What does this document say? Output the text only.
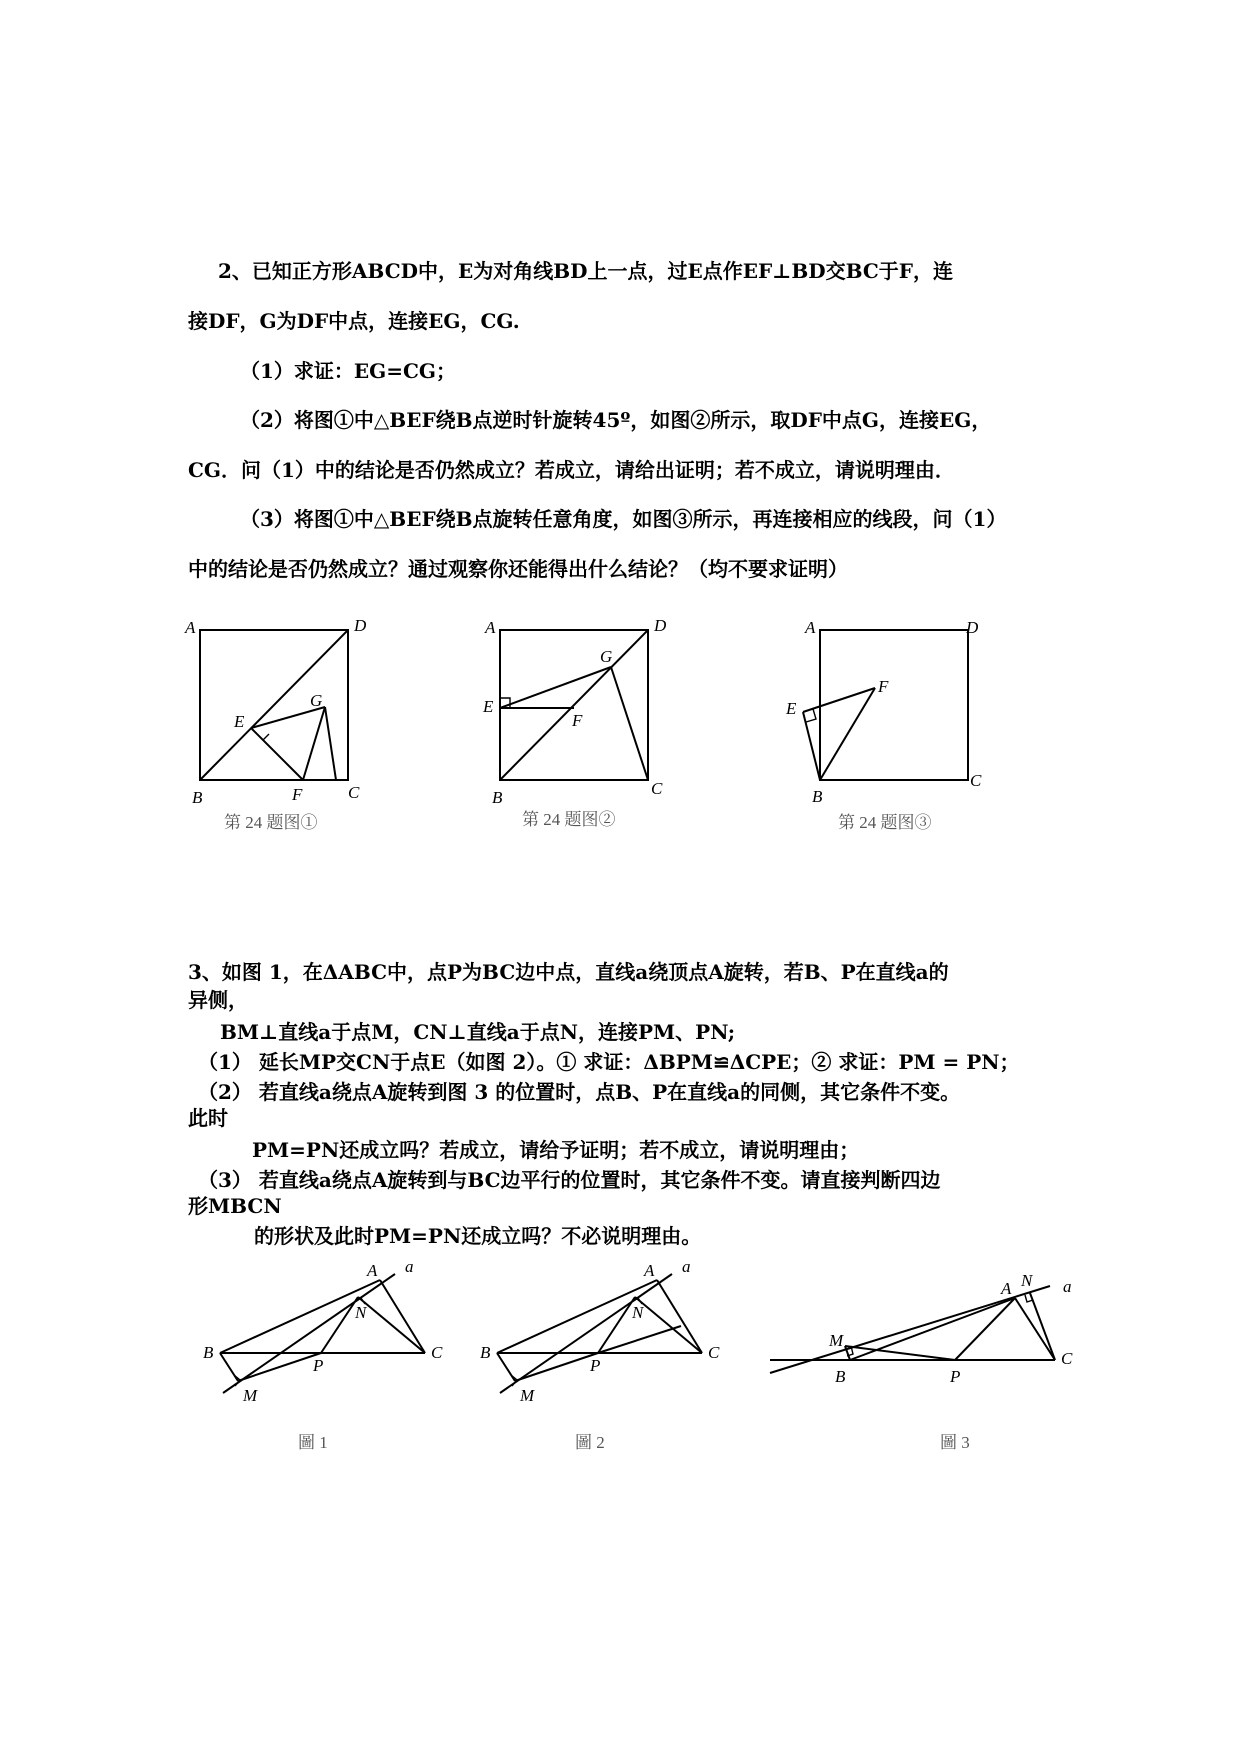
2、已知正方形ABCD中，E为对角线BD上一点，过E点作EF⊥BD交BC于F，连
接DF，G为DF中点，连接EG，CG.
（1）求证：EG=CG；
（2）将图①中△BEF绕B点逆时针旋转45º，如图②所示，取DF中点G，连接EG，
CG．问（1）中的结论是否仍然成立？若成立，请给出证明；若不成立，请说明理由．
（3）将图①中△BEF绕B点旋转任意角度，如图③所示，再连接相应的线段，问（1）
中的结论是否仍然成立？通过观察你还能得出什么结论？（均不要求证明）
A	D
B	C
E
G
F
第 24 题图①
A	D
B	C
E
G
F
第 24 题图②
A	D
B
C
E
F
第 24 题图③
3、如图 1，在ΔABC中，点P为BC边中点，直线a绕顶点A旋转，若B、P在直线a的
异侧，
BM⊥直线a于点M，CN⊥直线a于点N，连接PM、PN;
（1） 延长MP交CN于点E（如图 2）。① 求证：ΔBPM≌ΔCPE；② 求证：PM = PN；
（2） 若直线a绕点A旋转到图 3 的位置时，点B、P在直线a的同侧，其它条件不变。
此时
PM=PN还成立吗？若成立，请给予证明；若不成立，请说明理由；
（3） 若直线a绕点A旋转到与BC边平行的位置时，其它条件不变。请直接判断四边
形MBCN
的形状及此时PM=PN还成立吗？不必说明理由。
B	C
A a
N
P
M
圖 1
B	C
A a
N
P
M
圖 2
B
C
A N a
P
M
圖 3
